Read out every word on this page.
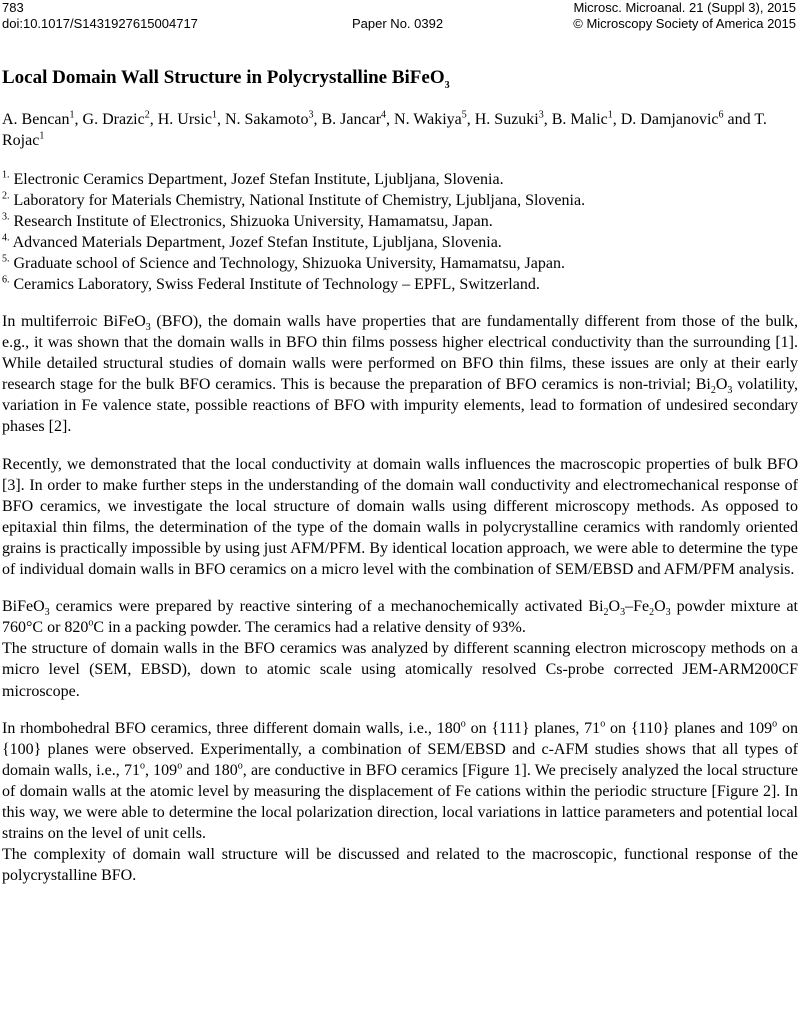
783
doi:10.1017/S1431927615004717	Paper No. 0392
Microsc. Microanal. 21 (Suppl 3), 2015
© Microscopy Society of America 2015
Local Domain Wall Structure in Polycrystalline BiFeO$_3$
A. Bencan$^1$, G. Drazic$^2$, H. Ursic$^1$, N. Sakamoto$^3$, B. Jancar$^4$, N. Wakiya$^5$, H. Suzuki$^3$, B. Malic$^1$, D. Damjanovic$^6$ and T. Rojac$^1$
$^{1.}$ Electronic Ceramics Department, Jozef Stefan Institute, Ljubljana, Slovenia.
$^{2.}$ Laboratory for Materials Chemistry, National Institute of Chemistry, Ljubljana, Slovenia.
$^{3.}$ Research Institute of Electronics, Shizuoka University, Hamamatsu, Japan.
$^{4.}$ Advanced Materials Department, Jozef Stefan Institute, Ljubljana, Slovenia.
$^{5.}$ Graduate school of Science and Technology, Shizuoka University, Hamamatsu, Japan.
$^{6.}$ Ceramics Laboratory, Swiss Federal Institute of Technology – EPFL, Switzerland.

In multiferroic BiFeO$_3$ (BFO), the domain walls have properties that are fundamentally different from those of the bulk, e.g., it was shown that the domain walls in BFO thin films possess higher electrical conductivity than the surrounding [1]. While detailed structural studies of domain walls were performed on BFO thin films, these issues are only at their early research stage for the bulk BFO ceramics. This is because the preparation of BFO ceramics is non-trivial; $Bi_2O_3$ volatility, variation in Fe valence state, possible reactions of BFO with impurity elements, lead to formation of undesired secondary phases [2].

Recently, we demonstrated that the local conductivity at domain walls influences the macroscopic properties of bulk BFO [3]. In order to make further steps in the understanding of the domain wall conductivity and electromechanical response of BFO ceramics, we investigate the local structure of domain walls using different microscopy methods. As opposed to epitaxial thin films, the determination of the type of the domain walls in polycrystalline ceramics with randomly oriented grains is practically impossible by using just AFM/PFM. By identical location approach, we were able to determine the type of individual domain walls in BFO ceramics on a micro level with the combination of SEM/EBSD and AFM/PFM analysis.

BiFeO$_3$ ceramics were prepared by reactive sintering of a mechanochemically activated $Bi_2O_3-Fe_2O_3$ powder mixture at 760°C or 820$^o$C in a packing powder. The ceramics had a relative density of 93%.

The structure of domain walls in the BFO ceramics was analyzed by different scanning electron microscopy methods on a micro level (SEM, EBSD), down to atomic scale using atomically resolved Cs-probe corrected JEM-ARM200CF microscope.

In rhombohedral BFO ceramics, three different domain walls, i.e., 180$^o$ on {111} planes, 71$^o$ on {110} planes and 109$^o$ on {100} planes were observed. Experimentally, a combination of SEM/EBSD and c-AFM studies shows that all types of domain walls, i.e., 71$^o$, 109$^o$ and 180$^o$, are conductive in BFO ceramics [Figure 1]. We precisely analyzed the local structure of domain walls at the atomic level by measuring the displacement of Fe cations within the periodic structure [Figure 2]. In this way, we were able to determine the local polarization direction, local variations in lattice parameters and potential local strains on the level of unit cells.

The complexity of domain wall structure will be discussed and related to the macroscopic, functional response of the polycrystalline BFO.
